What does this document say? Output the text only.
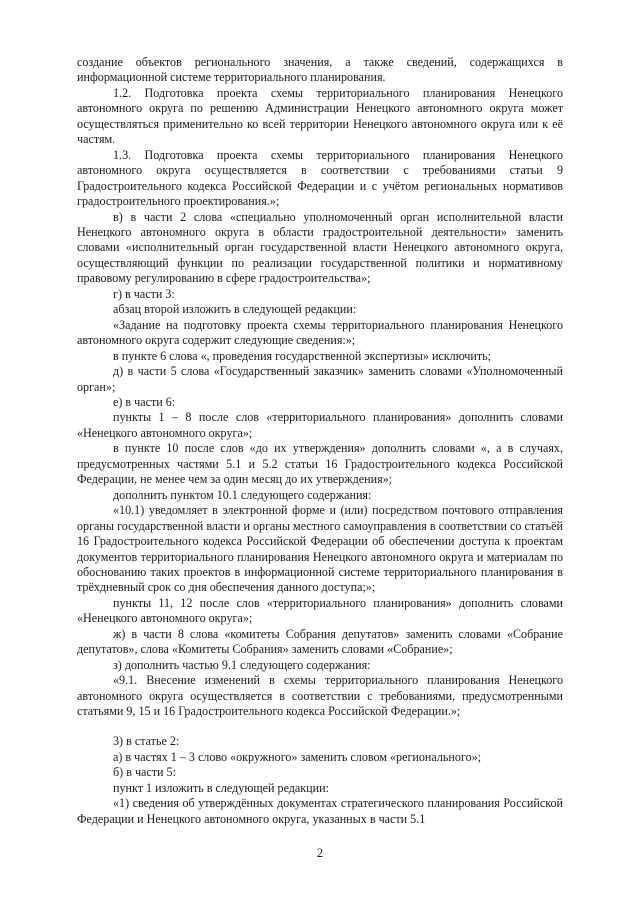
создание объектов регионального значения, а также сведений, содержащихся в информационной системе территориального планирования.

1.2. Подготовка проекта схемы территориального планирования Ненецкого автономного округа по решению Администрации Ненецкого автономного округа может осуществляться применительно ко всей территории Ненецкого автономного округа или к её частям.

1.3. Подготовка проекта схемы территориального планирования Ненецкого автономного округа осуществляется в соответствии с требованиями статьи 9 Градостроительного кодекса Российской Федерации и с учётом региональных нормативов градостроительного проектирования.»;

в) в части 2 слова «специально уполномоченный орган исполнительной власти Ненецкого автономного округа в области градостроительной деятельности» заменить словами «исполнительный орган государственной власти Ненецкого автономного округа, осуществляющий функции по реализации государственной политики и нормативному правовому регулированию в сфере градостроительства»;

г) в части 3:

абзац второй изложить в следующей редакции:

«Задание на подготовку проекта схемы территориального планирования Ненецкого автономного округа содержит следующие сведения:»;

в пункте 6 слова «, проведения государственной экспертизы» исключить;

д) в части 5 слова «Государственный заказчик» заменить словами «Уполномоченный орган»;

е) в части 6:

пункты 1 – 8 после слов «территориального планирования» дополнить словами «Ненецкого автономного округа»;

в пункте 10 после слов «до их утверждения» дополнить словами «, а в случаях, предусмотренных частями 5.1 и 5.2 статьи 16 Градостроительного кодекса Российской Федерации, не менее чем за один месяц до их утверждения»;

дополнить пунктом 10.1 следующего содержания:

«10.1) уведомляет в электронной форме и (или) посредством почтового отправления органы государственной власти и органы местного самоуправления в соответствии со статьёй 16 Градостроительного кодекса Российской Федерации об обеспечении доступа к проектам документов территориального планирования Ненецкого автономного округа и материалам по обоснованию таких проектов в информационной системе территориального планирования в трёхдневный срок со дня обеспечения данного доступа;»;

пункты 11, 12 после слов «территориального планирования» дополнить словами «Ненецкого автономного округа»;

ж) в части 8 слова «комитеты Собрания депутатов» заменить словами «Собрание депутатов», слова «Комитеты Собрания» заменить словами «Собрание»;

з) дополнить частью 9.1 следующего содержания:

«9.1. Внесение изменений в схемы территориального планирования Ненецкого автономного округа осуществляется в соответствии с требованиями, предусмотренными статьями 9, 15 и 16 Градостроительного кодекса Российской Федерации.»;

3) в статье 2:

а) в частях 1 – 3 слово «окружного» заменить словом «регионального»;

б) в части 5:

пункт 1 изложить в следующей редакции:

«1) сведения об утверждённых документах стратегического планирования Российской Федерации и Ненецкого автономного округа, указанных в части 5.1

2
